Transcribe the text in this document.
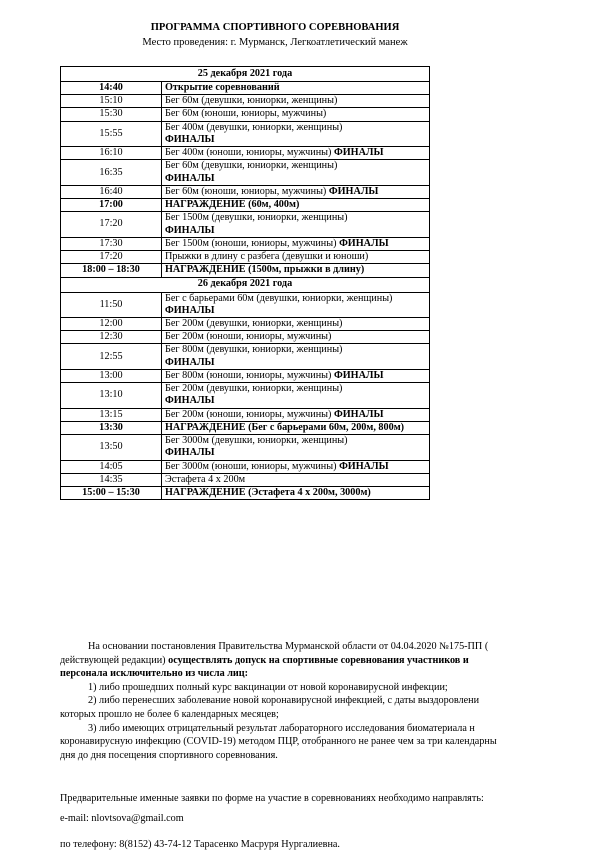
ПРОГРАММА СПОРТИВНОГО СОРЕВНОВАНИЯ
Место проведения: г. Мурманск, Легкоатлетический манеж
25 декабря 2021 года	
14:40	Открытие соревнований
15:10	Бег 60м (девушки, юниорки, женщины)
15:30	Бег 60м (юноши, юниоры, мужчины)
15:55	Бег 400м (девушки, юниорки, женщины)
ФИНАЛЫ
16:10	Бег 400м (юноши, юниоры, мужчины) ФИНАЛЫ
16:35	Бег 60м (девушки, юниорки, женщины)
ФИНАЛЫ
16:40	Бег 60м (юноши, юниоры, мужчины) ФИНАЛЫ
17:00	НАГРАЖДЕНИЕ (60м, 400м)
17:20	Бег 1500м (девушки, юниорки, женщины)
ФИНАЛЫ
17:30	Бег 1500м (юноши, юниоры, мужчины) ФИНАЛЫ
17:20	Прыжки в длину с разбега (девушки и юноши)
18:00 – 18:30	НАГРАЖДЕНИЕ (1500м, прыжки в длину)
26 декабря 2021 года	
11:50	Бег с барьерами 60м (девушки, юниорки, женщины) ФИНАЛЫ
12:00	Бег 200м (девушки, юниорки, женщины)
12:30	Бег 200м (юноши, юниоры, мужчины)
12:55	Бег 800м (девушки, юниорки, женщины)
ФИНАЛЫ
13:00	Бег 800м (юноши, юниоры, мужчины) ФИНАЛЫ
13:10	Бег 200м (девушки, юниорки, женщины)
ФИНАЛЫ
13:15	Бег 200м (юноши, юниоры, мужчины) ФИНАЛЫ
13:30	НАГРАЖДЕНИЕ (Бег с барьерами 60м, 200м, 800м)
13:50	Бег 3000м (девушки, юниорки, женщины)
ФИНАЛЫ
14:05	Бег 3000м (юноши, юниоры, мужчины) ФИНАЛЫ
14:35	Эстафета 4 х 200м
15:00 – 15:30	НАГРАЖДЕНИЕ (Эстафета 4 х 200м, 3000м)
На основании постановления Правительства Мурманской области от 04.04.2020 №175-ПП (
действующей редакции) осуществлять допуск на спортивные соревнования участников и
персонала исключительно из числа лиц:
1) либо прошедших полный курс вакцинации от новой коронавирусной инфекции;
2) либо перенесших заболевание новой коронавирусной инфекцией, с даты выздоровлени
которых прошло не более 6 календарных месяцев;
3) либо имеющих отрицательный результат лабораторного исследования биоматериала н
коронавирусную инфекцию (COVID-19) методом ПЦР, отобранного не ранее чем за три календарны
дня до дня посещения спортивного соревнования.
Предварительные именные заявки по форме на участие в соревнованиях необходимо направлять:
e-mail: nlovtsova@gmail.com
по телефону: 8(8152) 43-74-12 Тарасенко Масруря Нургалиевна.
